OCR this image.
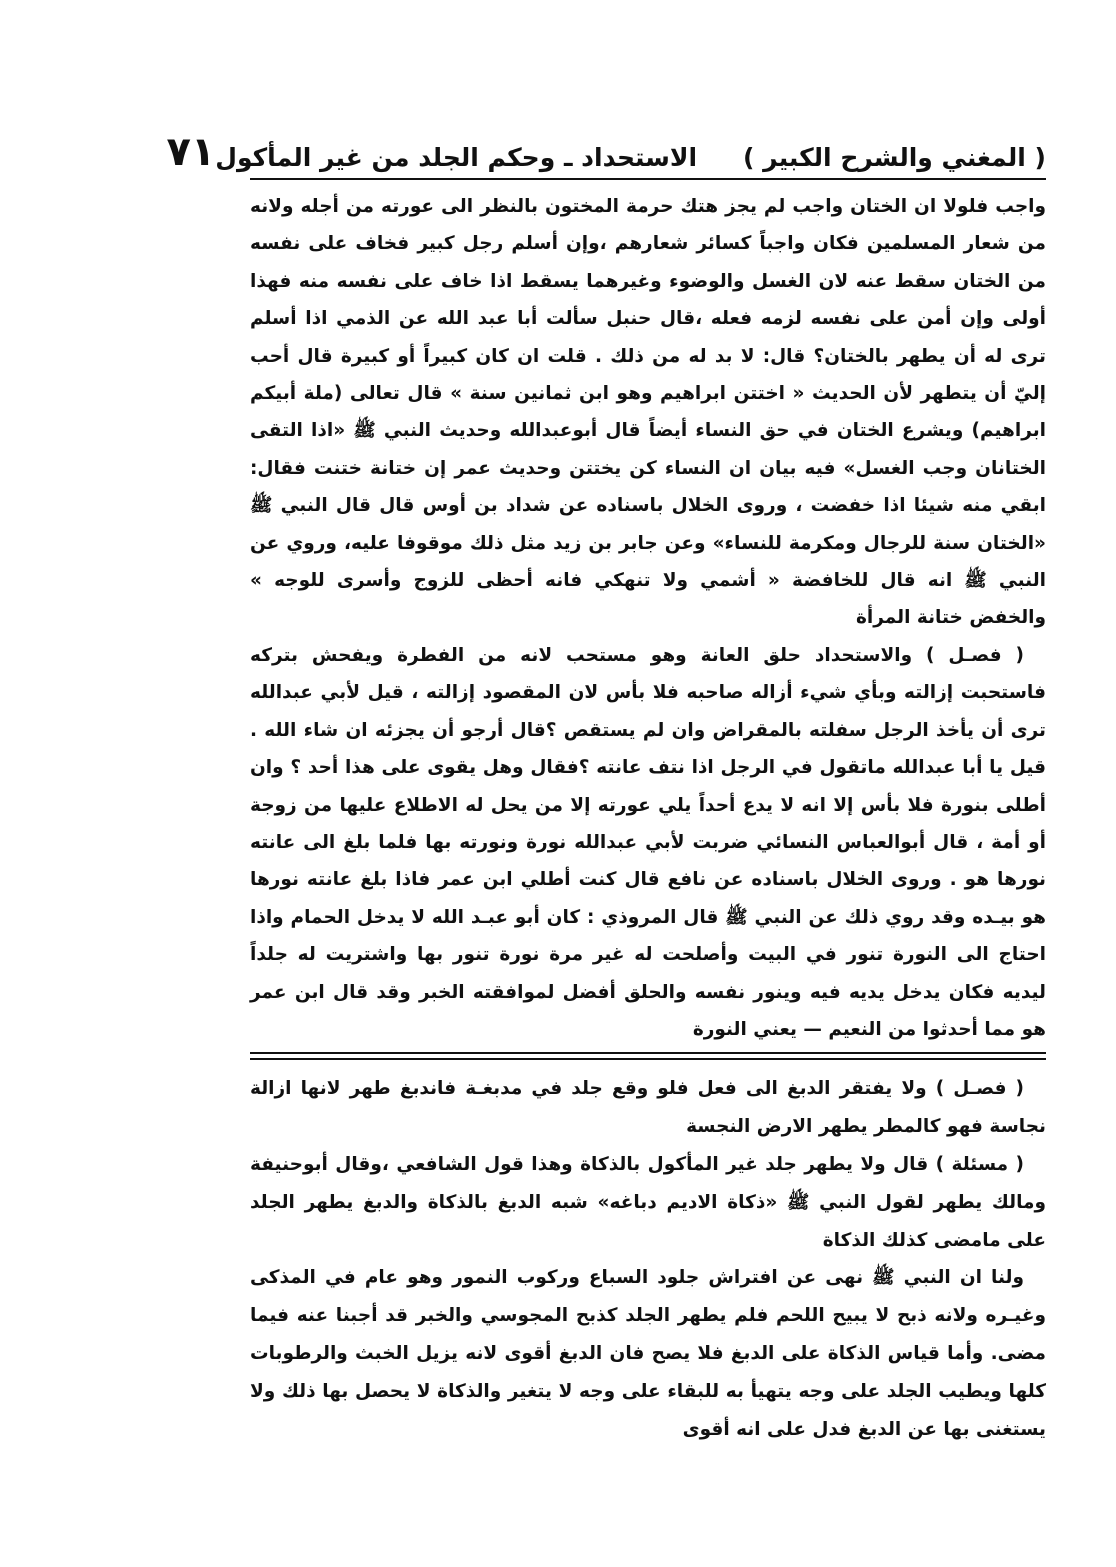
( المغني والشرح الكبير )
الاستحداد ـ وحكم الجلد من غير المأكول
٧١

واجب فلولا ان الختان واجب لم يجز هتك حرمة المختون بالنظر الى عورته من أجله ولانه من شعار المسلمين فكان واجباً كسائر شعارهم ،وإن أسلم رجل كبير فخاف على نفسه من الختان سقط عنه لان الغسل والوضوء وغيرهما يسقط اذا خاف على نفسه منه فهذا أولى وإن أمن على نفسه لزمه فعله ،قال حنبل سألت أبا عبد الله عن الذمي اذا أسلم ترى له أن يطهر بالختان؟ قال: لا بد له من ذلك . قلت ان كان كبيراً أو كبيرة قال أحب إليّ أن يتطهر لأن الحديث « اختتن ابراهيم وهو ابن ثمانين سنة » قال تعالى (ملة أبيكم ابراهيم) ويشرع الختان في حق النساء أيضاً قال أبوعبدالله وحديث النبي ﷺ «اذا التقى الختانان وجب الغسل» فيه بيان ان النساء كن يختتن وحديث عمر إن ختانة ختنت فقال: ابقي منه شيئا اذا خفضت ، وروى الخلال باسناده عن شداد بن أوس قال قال النبي ﷺ «الختان سنة للرجال ومكرمة للنساء» وعن جابر بن زيد مثل ذلك موقوفا عليه، وروي عن النبي ﷺ انه قال للخافضة « أشمي ولا تنهكي فانه أحظى للزوج وأسرى للوجه » والخفض ختانة المرأة

( فصـل ) والاستحداد حلق العانة وهو مستحب لانه من الفطرة ويفحش بتركه فاستحبت إزالته وبأي شيء أزاله صاحبه فلا بأس لان المقصود إزالته ، قيل لأبي عبدالله ترى أن يأخذ الرجل سفلته بالمقراض وان لم يستقص ؟قال أرجو أن يجزئه ان شاء الله . قيل يا أبا عبدالله ماتقول في الرجل اذا نتف عانته ؟فقال وهل يقوى على هذا أحد ؟ وان أطلى بنورة فلا بأس إلا انه لا يدع أحداً يلي عورته إلا من يحل له الاطلاع عليها من زوجة أو أمة ، قال أبوالعباس النسائي ضربت لأبي عبدالله نورة ونورته بها فلما بلغ الى عانته نورها هو . وروى الخلال باسناده عن نافع قال كنت أطلي ابن عمر فاذا بلغ عانته نورها هو بيـده وقد روي ذلك عن النبي ﷺ قال المروذي : كان أبو عبـد الله لا يدخل الحمام واذا احتاج الى النورة تنور في البيت وأصلحت له غير مرة نورة تنور بها واشتريت له جلداً ليديه فكان يدخل يديه فيه وينور نفسه والحلق أفضل لموافقته الخبر وقد قال ابن عمر هو مما أحدثوا من النعيم — يعني النورة

( فصـل ) ولا يفتقر الدبغ الى فعل فلو وقع جلد في مدبغـة فاندبغ طهر لانها ازالة نجاسة فهو كالمطر يطهر الارض النجسة

( مسئلة ) قال ولا يطهر جلد غير المأكول بالذكاة وهذا قول الشافعي ،وقال أبوحنيفة ومالك يطهر لقول النبي ﷺ «ذكاة الاديم دباغه» شبه الدبغ بالذكاة والدبغ يطهر الجلد على مامضى كذلك الذكاة

ولنا ان النبي ﷺ نهى عن افتراش جلود السباع وركوب النمور وهو عام في المذكى وغيـره ولانه ذبح لا يبيح اللحم فلم يطهر الجلد كذبح المجوسي والخبر قد أجبنا عنه فيما مضى. وأما قياس الذكاة على الدبغ فلا يصح فان الدبغ أقوى لانه يزيل الخبث والرطوبات كلها ويطيب الجلد على وجه يتهيأ به للبقاء على وجه لا يتغير والذكاة لا يحصل بها ذلك ولا يستغنى بها عن الدبغ فدل على انه أقوى
